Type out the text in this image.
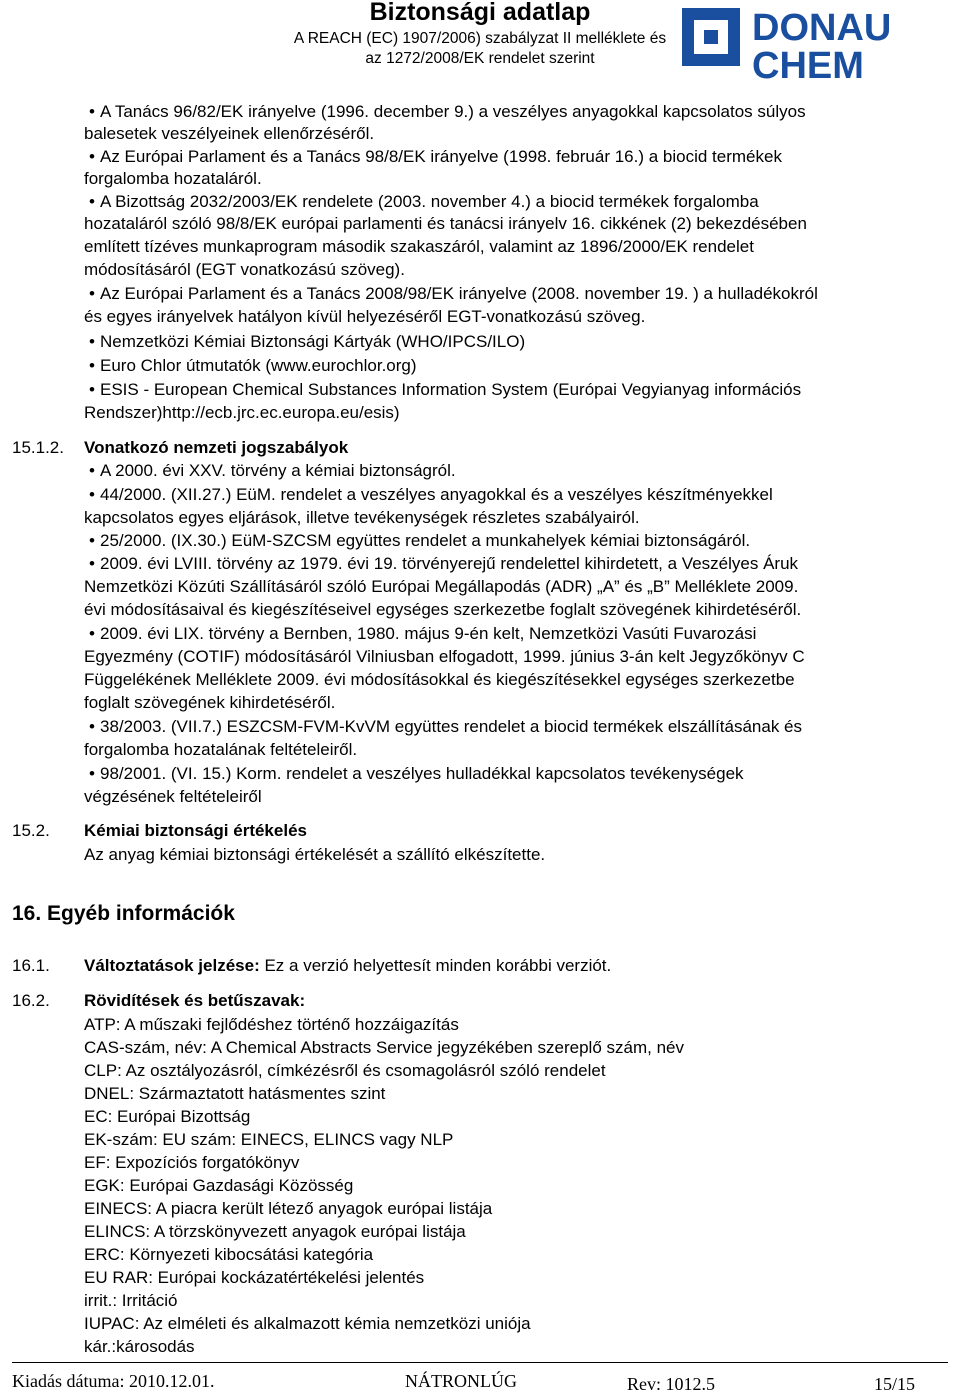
Biztonsági adatlap
A REACH (EC) 1907/2006) szabályzat II melléklete és
az 1272/2008/EK rendelet szerint
DONAU
CHEM
• A Tanács 96/82/EK irányelve (1996. december 9.) a veszélyes anyagokkal kapcsolatos súlyos
balesetek veszélyeinek ellenőrzéséről.
• Az Európai Parlament és a Tanács 98/8/EK irányelve (1998. február 16.) a biocid termékek
forgalomba hozataláról.
• A Bizottság 2032/2003/EK rendelete (2003. november 4.) a biocid termékek forgalomba
hozataláról szóló 98/8/EK európai parlamenti és tanácsi irányelv 16. cikkének (2) bekezdésében
említett tízéves munkaprogram második szakaszáról, valamint az 1896/2000/EK rendelet
módosításáról (EGT vonatkozású szöveg).
• Az Európai Parlament és a Tanács 2008/98/EK irányelve (2008. november 19. ) a hulladékokról
és egyes irányelvek hatályon kívül helyezéséről EGT-vonatkozású szöveg.
• Nemzetközi Kémiai Biztonsági Kártyák (WHO/IPCS/ILO)
• Euro Chlor útmutatók (www.eurochlor.org)
• ESIS - European Chemical Substances Information System (Európai Vegyianyag információs
Rendszer)http://ecb.jrc.ec.europa.eu/esis)
15.1.2. Vonatkozó nemzeti jogszabályok
• A 2000. évi XXV. törvény a kémiai biztonságról.
• 44/2000. (XII.27.) EüM. rendelet a veszélyes anyagokkal és a veszélyes készítményekkel
kapcsolatos egyes eljárások, illetve tevékenységek részletes szabályairól.
• 25/2000. (IX.30.) EüM-SZCSM együttes rendelet a munkahelyek kémiai biztonságáról.
• 2009. évi LVIII. törvény az 1979. évi 19. törvényerejű rendelettel kihirdetett, a Veszélyes Áruk
Nemzetközi Közúti Szállításáról szóló Európai Megállapodás (ADR) „A” és „B” Melléklete 2009.
évi módosításaival és kiegészítéseivel egységes szerkezetbe foglalt szövegének kihirdetéséről.
• 2009. évi LIX. törvény a Bernben, 1980. május 9-én kelt, Nemzetközi Vasúti Fuvarozási
Egyezmény (COTIF) módosításáról Vilniusban elfogadott, 1999. június 3-án kelt Jegyzőkönyv C
Függelékének Melléklete 2009. évi módosításokkal és kiegészítésekkel egységes szerkezetbe
foglalt szövegének kihirdetéséről.
• 38/2003. (VII.7.) ESZCSM-FVM-KvVM együttes rendelet a biocid termékek elszállításának és
forgalomba hozatalának feltételeiről.
• 98/2001. (VI. 15.) Korm. rendelet a veszélyes hulladékkal kapcsolatos tevékenységek
végzésének feltételeiről
15.2. Kémiai biztonsági értékelés
Az anyag kémiai biztonsági értékelését a szállító elkészítette.
16. Egyéb információk
16.1. Változtatások jelzése: Ez a verzió helyettesít minden korábbi verziót.
16.2. Rövidítések és betűszavak:
ATP: A műszaki fejlődéshez történő hozzáigazítás
CAS-szám, név: A Chemical Abstracts Service jegyzékében szereplő szám, név
CLP: Az osztályozásról, címkézésről és csomagolásról szóló rendelet
DNEL: Származtatott hatásmentes szint
EC: Európai Bizottság
EK-szám: EU szám: EINECS, ELINCS vagy NLP
EF: Expozíciós forgatókönyv
EGK: Európai Gazdasági Közösség
EINECS: A piacra került létező anyagok európai listája
ELINCS: A törzskönyvezett anyagok európai listája
ERC: Környezeti kibocsátási kategória
EU RAR: Európai kockázatértékelési jelentés
irrit.: Irritáció
IUPAC: Az elméleti és alkalmazott kémia nemzetközi uniója
kár.:károsodás
Kiadás dátuma: 2010.12.01.	NÁTRONLÚG	Rev: 1012.5	15/15
